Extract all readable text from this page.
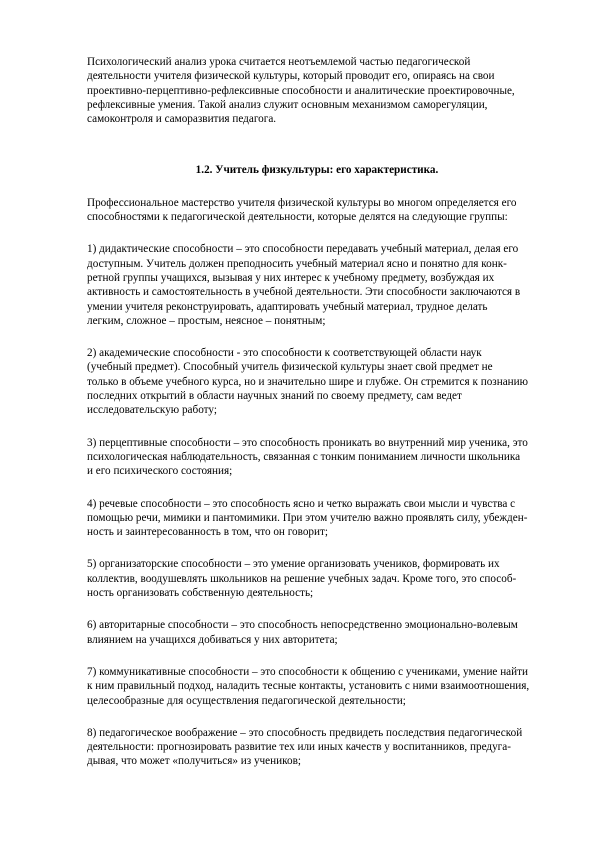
Психологический анализ урока считается неотъемлемой частью педагогической
деятельности учителя физической культуры, который проводит его, опираясь на свои
проективно-перцептивно-рефлексивные способности и аналитические проектировочные,
рефлексивные умения. Такой анализ служит основным механизмом саморегуляции,
самоконтроля и саморазвития педагога.

1.2. Учитель физкультуры: его характеристика.

Профессиональное мастерство учителя физической культуры во многом определяется его
способностями к педагогической деятельности, которые делятся на следующие группы:

1) дидактические способности – это способности передавать учебный материал, делая его
доступным. Учитель должен преподносить учебный материал ясно и понятно для конк-
ретной группы учащихся, вызывая у них интерес к учебному предмету, возбуждая их
активность и самостоятельность в учебной деятельности. Эти способности заключаются в
умении учителя реконструировать, адаптировать учебный материал, трудное делать
легким, сложное – простым, неясное – понятным;

2) академические способности - это способности к соответствующей области наук
(учебный предмет). Способный учитель физической культуры знает свой предмет не
только в объеме учебного курса, но и значительно шире и глубже. Он стремится к познанию
последних открытий в области научных знаний по своему предмету, сам ведет
исследовательскую работу;

3) перцептивные способности – это способность проникать во внутренний мир ученика, это
психологическая наблюдательность, связанная с тонким пониманием личности школьника
и его психического состояния;

4) речевые способности – это способность ясно и четко выражать свои мысли и чувства с
помощью речи, мимики и пантомимики. При этом учителю важно проявлять силу, убежден-
ность и заинтересованность в том, что он говорит;

5) организаторские способности – это умение организовать учеников, формировать их
коллектив, воодушевлять школьников на решение учебных задач. Кроме того, это способ-
ность организовать собственную деятельность;

6) авторитарные способности – это способность непосредственно эмоционально-волевым
влиянием на учащихся добиваться у них авторитета;

7) коммуникативные способности – это способности к общению с учениками, умение найти
к ним правильный подход, наладить тесные контакты, установить с ними взаимоотношения,
целесообразные для осуществления педагогической деятельности;

8) педагогическое воображение – это способность предвидеть последствия педагогической
деятельности: прогнозировать развитие тех или иных качеств у воспитанников, предуга-
дывая, что может «получиться» из учеников;
